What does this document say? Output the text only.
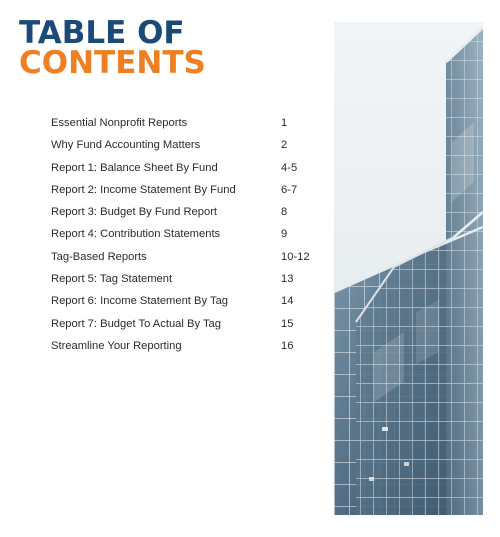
TABLE OF
CONTENTS
Essential Nonprofit Reports	1
Why Fund Accounting Matters	2
Report 1: Balance Sheet By Fund	4-5
Report 2: Income Statement By Fund	6-7
Report 3: Budget By Fund Report	8
Report 4: Contribution Statements	9
Tag-Based Reports	10-12
Report 5: Tag Statement	13
Report 6: Income Statement By Tag	14
Report 7: Budget To Actual By Tag	15
Streamline Your Reporting	16
